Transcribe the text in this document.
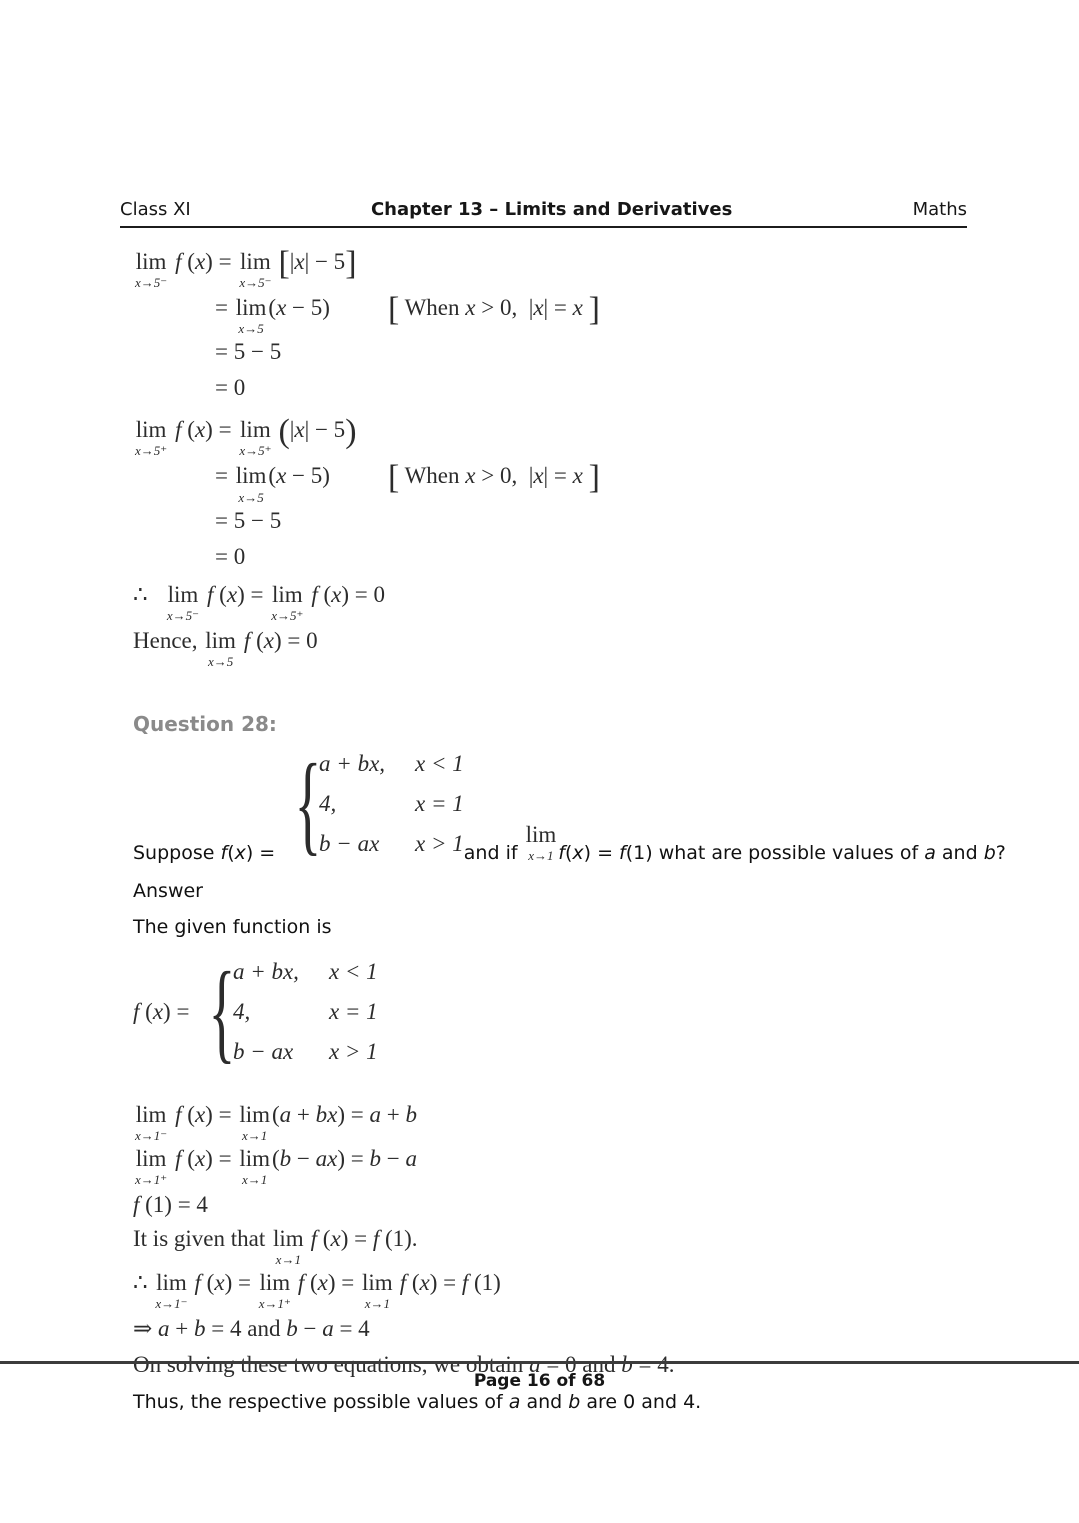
Class XI	Chapter 13 – Limits and Derivatives	Maths
lim
x→5⁻
f (x) = lim
x→5⁻
[|x| − 5]
= lim
x→5
(x − 5) [ When x > 0,  |x| = x ]
= 5 − 5
= 0
lim
x→5⁺
f (x) = lim
x→5⁺
(|x| − 5)
= lim
x→5
(x − 5) [ When x > 0,  |x| = x ]
= 5 − 5
= 0
∴ lim
x→5⁻
f (x) = lim
x→5⁺
f (x) = 0
Hence, lim
x→5
f (x) = 0
Question 28:
Suppose f ( x ) = {
a + bx,	x < 1
4,	x = 1
b − ax	x > 1 and if
lim
x→1 f ( x ) = f (1) what are possible values of a and b ?
Answer
The given function is
f ( x ) = {
a + bx,	x < 1
4,	x = 1
b − ax	x > 1
lim
x→1⁻
f (x) = lim
x→1
(a + bx) = a + b
lim
x→1⁺
f (x) = lim
x→1
(b − ax) = b − a
f (1) = 4
It is given that lim
x→1
f (x) = f (1).
∴ lim
x→1⁻
f (x) = lim
x→1⁺
f (x) = lim
x→1
f (x) = f (1)
⇒ a + b = 4 and b − a = 4
On solving these two equations, we obtain a = 0 and b = 4.
Thus, the respective possible values of a and b are 0 and 4.
Page 16 of 68
